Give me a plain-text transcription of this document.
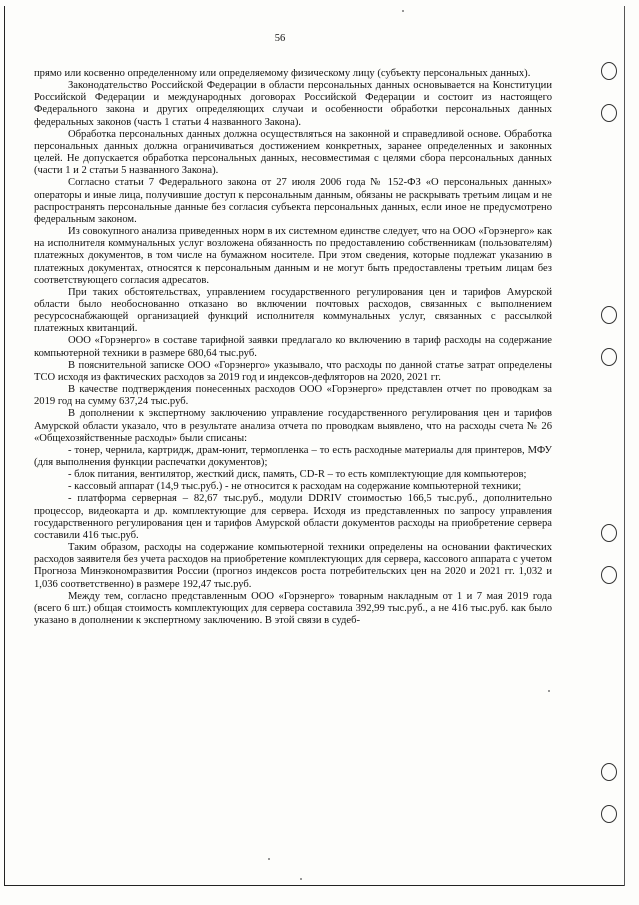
56

прямо или косвенно определенному или определяемому физическому лицу (субъекту персональных данных).

Законодательство Российской Федерации в области персональных данных основывается на Конституции Российской Федерации и международных договорах Российской Федерации и состоит из настоящего Федерального закона и других определяющих случаи и особенности обработки персональных данных федеральных законов (часть 1 статьи 4 названного Закона).

Обработка персональных данных должна осуществляться на законной и справедливой основе. Обработка персональных данных должна ограничиваться достижением конкретных, заранее определенных и законных целей. Не допускается обработка персональных данных, несовместимая с целями сбора персональных данных (части 1 и 2 статьи 5 названного Закона).

Согласно статьи 7 Федерального закона от 27 июля 2006 года № 152-ФЗ «О персональных данных» операторы и иные лица, получившие доступ к персональным данным, обязаны не раскрывать третьим лицам и не распространять персональные данные без согласия субъекта персональных данных, если иное не предусмотрено федеральным законом.

Из совокупного анализа приведенных норм в их системном единстве следует, что на ООО «Горэнерго» как на исполнителя коммунальных услуг возложена обязанность по предоставлению собственникам (пользователям) платежных документов, в том числе на бумажном носителе. При этом сведения, которые подлежат указанию в платежных документах, относятся к персональным данным и не могут быть предоставлены третьим лицам без соответствующего согласия адресатов.

При таких обстоятельствах, управлением государственного регулирования цен и тарифов Амурской области было необоснованно отказано во включении почтовых расходов, связанных с выполнением ресурсоснабжающей организацией функций исполнителя коммунальных услуг, связанных с рассылкой платежных квитанций.

ООО «Горэнерго» в составе тарифной заявки предлагало ко включению в тариф расходы на содержание компьютерной техники в размере 680,64 тыс.руб.

В пояснительной записке ООО «Горэнерго» указывало, что расходы по данной статье затрат определены ТСО исходя из фактических расходов за 2019 год и индексов-дефляторов на 2020, 2021 гг.

В качестве подтверждения понесенных расходов ООО «Горэнерго» представлен отчет по проводкам за 2019 год на сумму 637,24 тыс.руб.

В дополнении к экспертному заключению управление государственного регулирования цен и тарифов Амурской области указало, что в результате анализа отчета по проводкам выявлено, что на расходы счета № 26 «Общехозяйственные расходы» были списаны:

- тонер, чернила, картридж, драм-юнит, термопленка – то есть расходные материалы для принтеров, МФУ (для выполнения функции распечатки документов);

- блок питания, вентилятор, жесткий диск, память, CD-R – то есть комплектующие для компьютеров;

- кассовый аппарат (14,9 тыс.руб.) - не относится к расходам на содержание компьютерной техники;

- платформа серверная – 82,67 тыс.руб., модули DDRIV стоимостью 166,5 тыс.руб., дополнительно процессор, видеокарта и др. комплектующие для сервера. Исходя из представленных по запросу управления государственного регулирования цен и тарифов Амурской области документов расходы на приобретение сервера составили 416 тыс.руб.

Таким образом, расходы на содержание компьютерной техники определены на основании фактических расходов заявителя без учета расходов на приобретение комплектующих для сервера, кассового аппарата с учетом Прогноза Минэкономразвития России (прогноз индексов роста потребительских цен на 2020 и 2021 гг. 1,032 и 1,036 соответственно) в размере 192,47 тыс.руб.

Между тем, согласно представленным ООО «Горэнерго» товарным накладным от 1 и 7 мая 2019 года (всего 6 шт.) общая стоимость комплектующих для сервера составила 392,99 тыс.руб., а не 416 тыс.руб. как было указано в дополнении к экспертному заключению. В этой связи в судеб-
